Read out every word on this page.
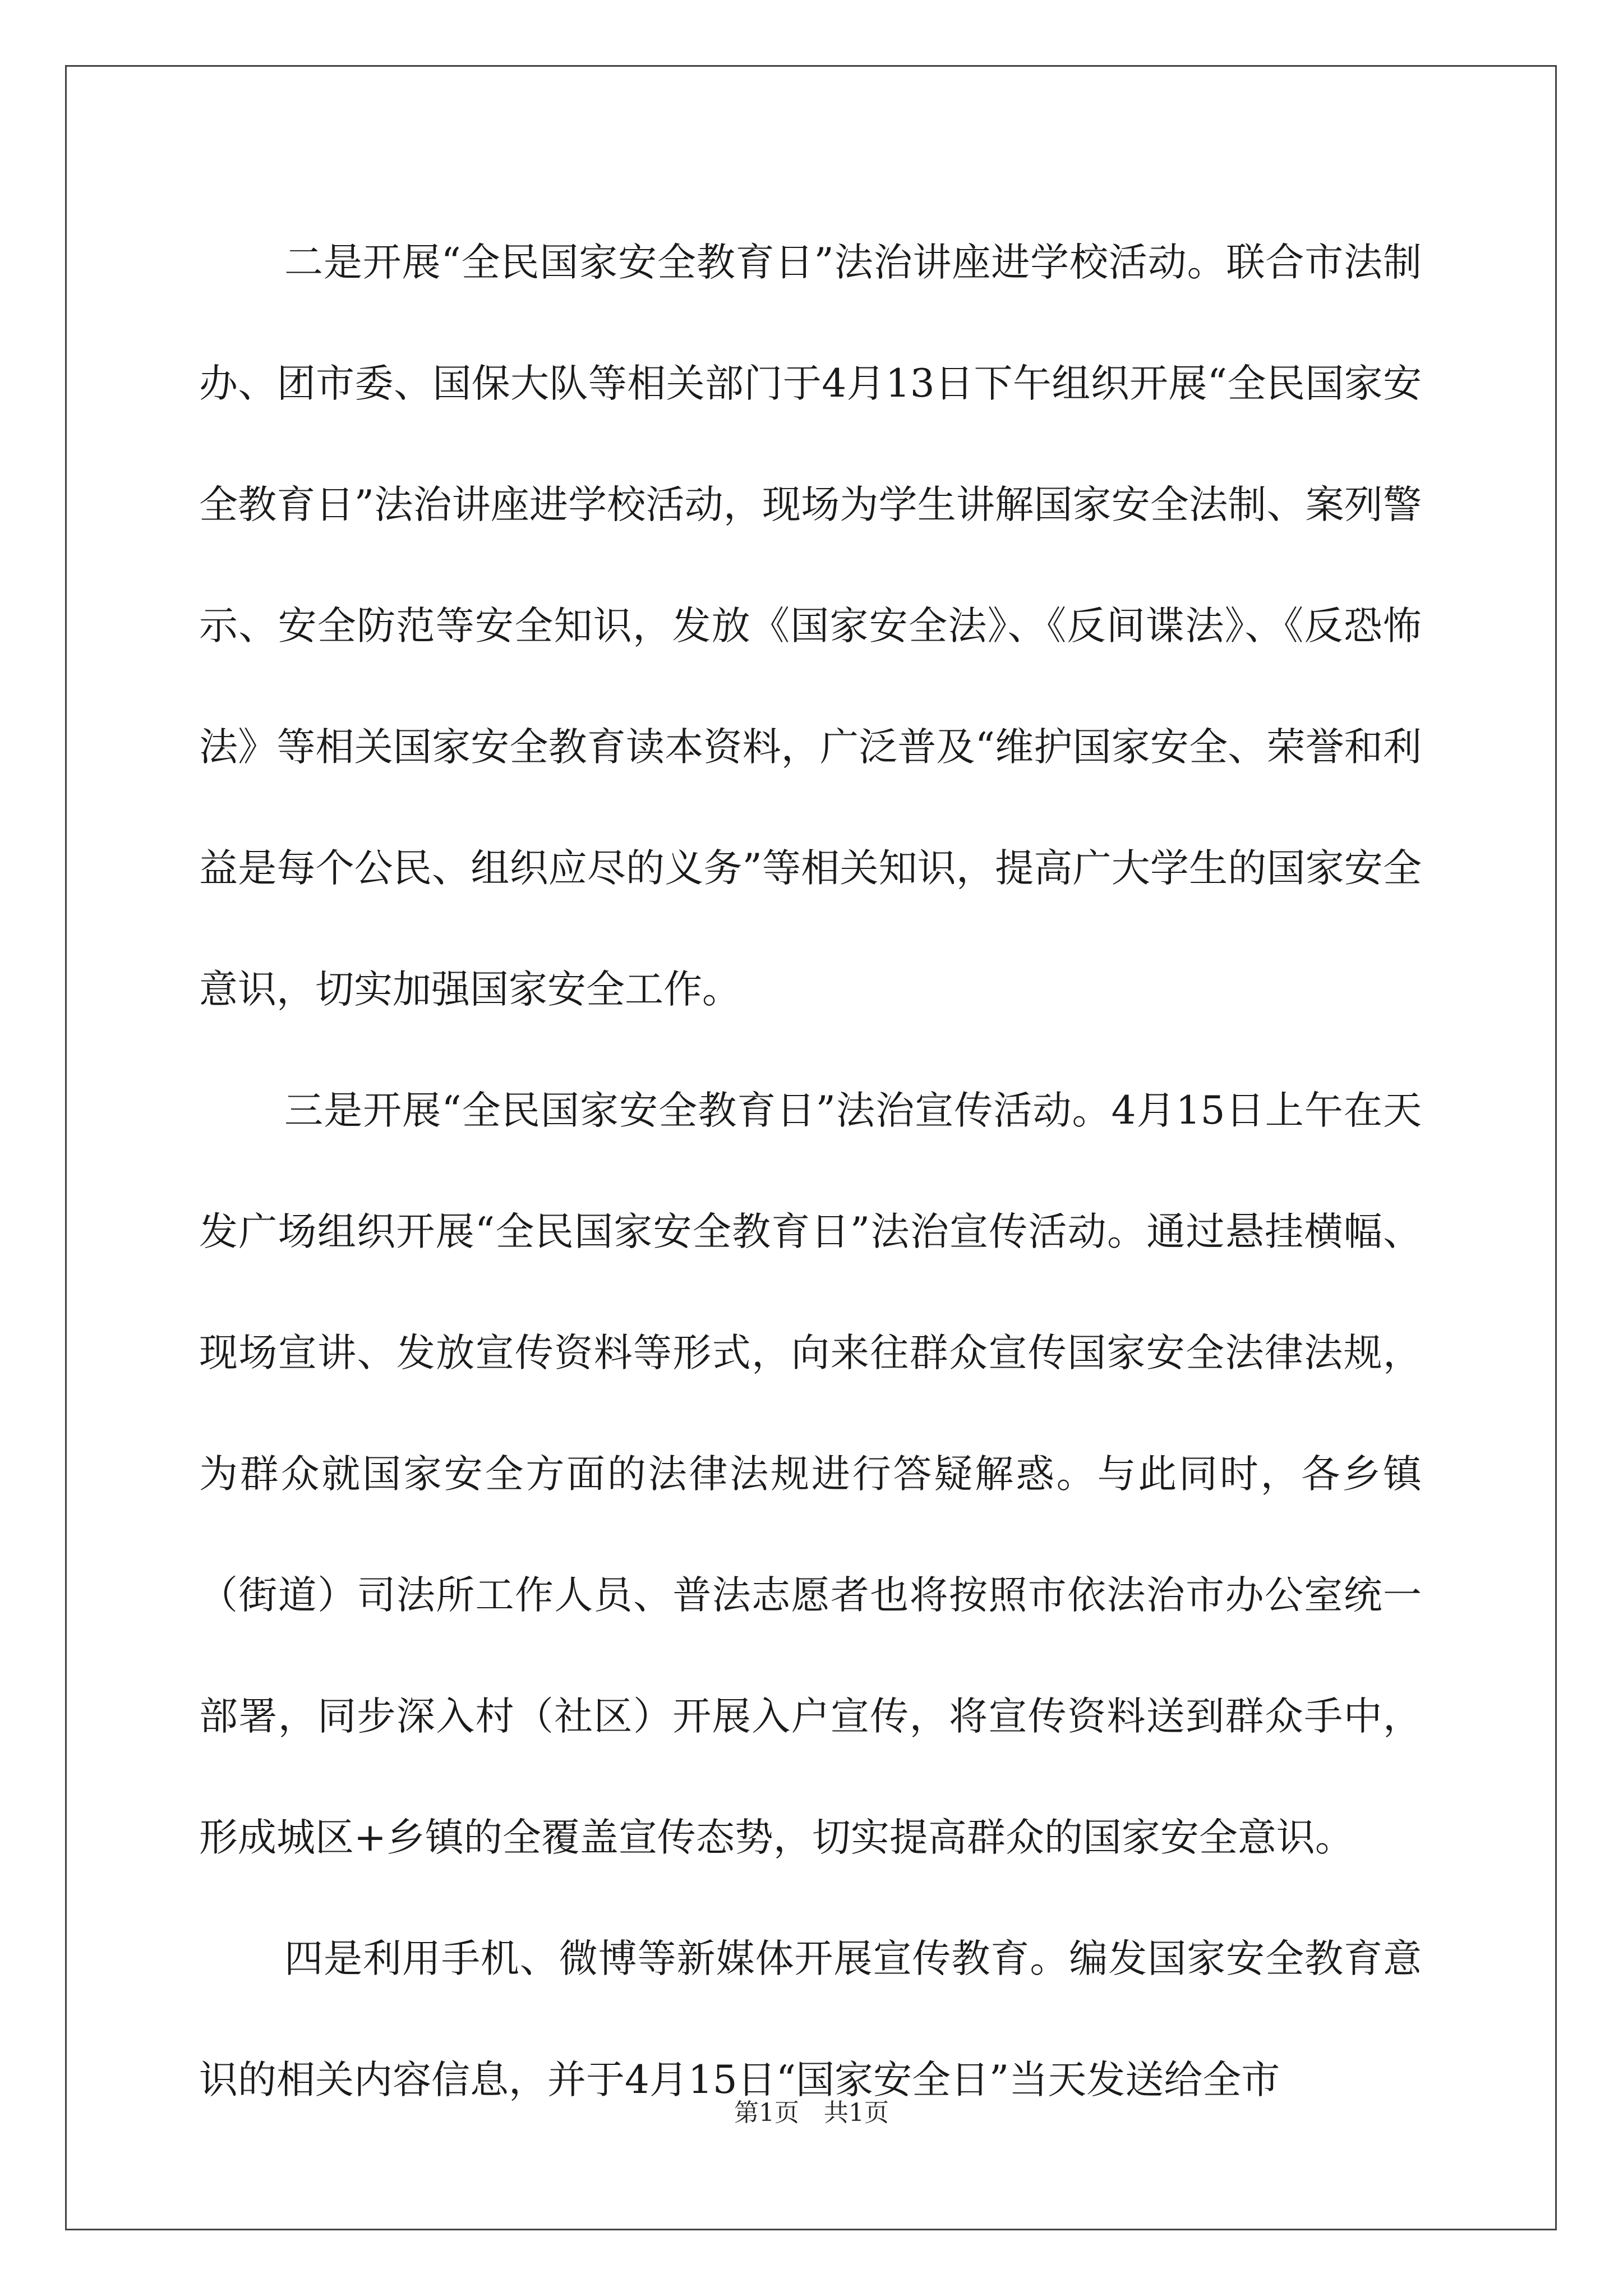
二是开展“全民国家安全教育日”法治讲座进学校活动。联合市法制办、团市委、国保大队等相关部门于4月13日下午组织开展“全民国家安全教育日”法治讲座进学校活动，现场为学生讲解国家安全法制、案列警示、安全防范等安全知识，发放《国家安全法》、《反间谍法》、《反恐怖法》等相关国家安全教育读本资料，广泛普及“维护国家安全、荣誉和利益是每个公民、组织应尽的义务”等相关知识，提高广大学生的国家安全意识，切实加强国家安全工作。

三是开展“全民国家安全教育日”法治宣传活动。4月15日上午在天发广场组织开展“全民国家安全教育日”法治宣传活动。通过悬挂横幅、现场宣讲、发放宣传资料等形式，向来往群众宣传国家安全法律法规，为群众就国家安全方面的法律法规进行答疑解惑。与此同时，各乡镇（街道）司法所工作人员、普法志愿者也将按照市依法治市办公室统一部署，同步深入村（社区）开展入户宣传，将宣传资料送到群众手中，形成城区+乡镇的全覆盖宣传态势，切实提高群众的国家安全意识。

四是利用手机、微博等新媒体开展宣传教育。编发国家安全教育意识的相关内容信息，并于4月15日“国家安全日”当天发送给全市

第1页　共1页
